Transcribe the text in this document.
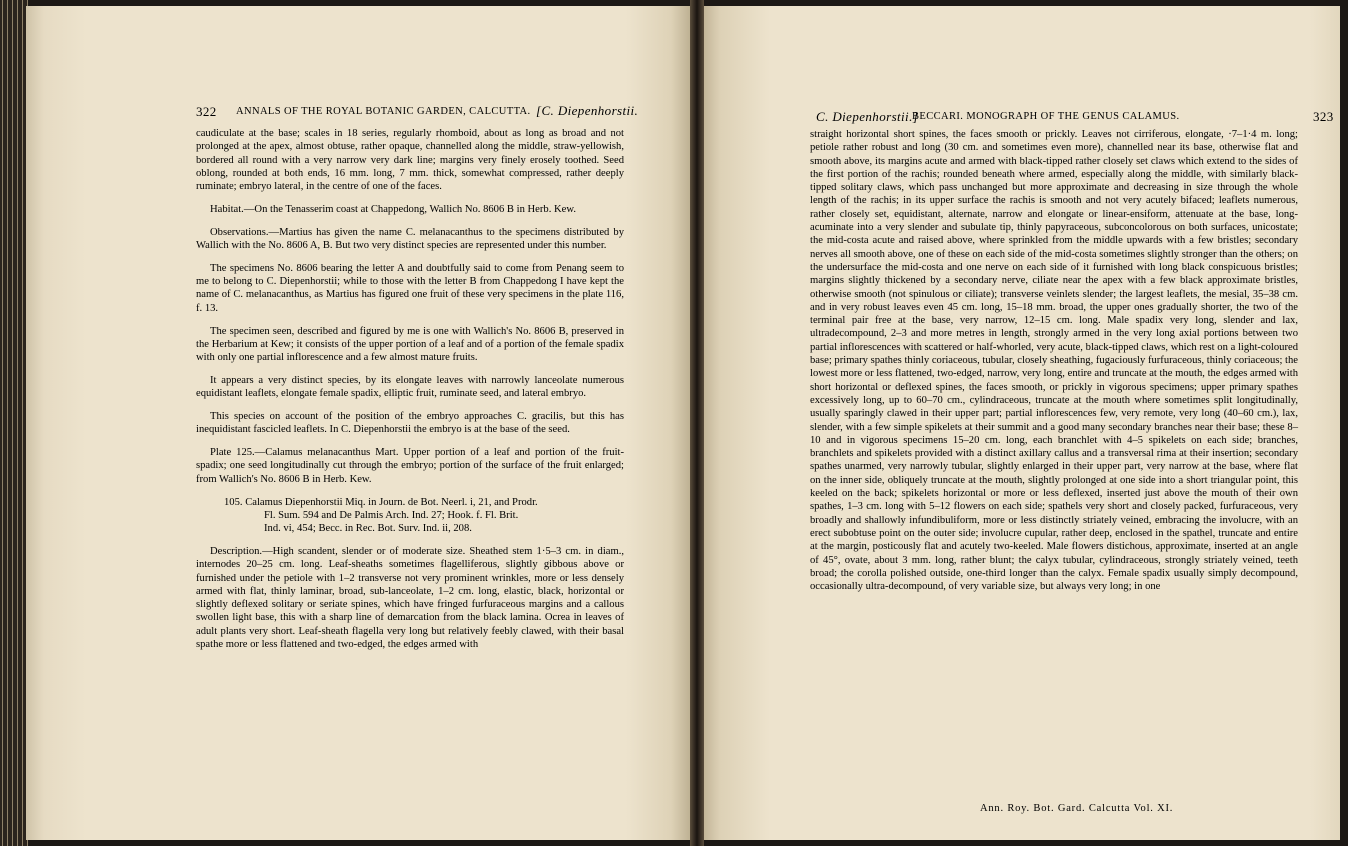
322 ANNALS OF THE ROYAL BOTANIC GARDEN, CALCUTTA. [C. Diepenhorstii.

caudiculate at the base; scales in 18 series, regularly rhomboid, about as long as broad and not prolonged at the apex, almost obtuse, rather opaque, channelled along the middle, straw-yellowish, bordered all round with a very narrow very dark line; margins very finely erosely toothed. Seed oblong, rounded at both ends, 16 mm. long, 7 mm. thick, somewhat compressed, rather deeply ruminate; embryo lateral, in the centre of one of the faces.

Habitat.—On the Tenasserim coast at Chappedong, Wallich No. 8606 B in Herb. Kew.

Observations.—Martius has given the name C. melanacanthus to the specimens distributed by Wallich with the No. 8606 A, B. But two very distinct species are represented under this number.

The specimens No. 8606 bearing the letter A and doubtfully said to come from Penang seem to me to belong to C. Diepenhorstii; while to those with the letter B from Chappedong I have kept the name of C. melanacanthus, as Martius has figured one fruit of these very specimens in the plate 116, f. 13.

The specimen seen, described and figured by me is one with Wallich's No. 8606 B, preserved in the Herbarium at Kew; it consists of the upper portion of a leaf and of a portion of the female spadix with only one partial inflorescence and a few almost mature fruits.

It appears a very distinct species, by its elongate leaves with narrowly lanceolate numerous equidistant leaflets, elongate female spadix, elliptic fruit, ruminate seed, and lateral embryo.

This species on account of the position of the embryo approaches C. gracilis, but this has inequidistant fascicled leaflets. In C. Diepenhorstii the embryo is at the base of the seed.

Plate 125.—Calamus melanacanthus Mart. Upper portion of a leaf and portion of the fruit-spadix; one seed longitudinally cut through the embryo; portion of the surface of the fruit enlarged; from Wallich's No. 8606 B in Herb. Kew.

105. Calamus Diepenhorstii Miq. in Journ. de Bot. Neerl. i, 21, and Prodr.
Fl. Sum. 594 and De Palmis Arch. Ind. 27; Hook. f. Fl. Brit.
Ind. vi, 454; Becc. in Rec. Bot. Surv. Ind. ii, 208.

Description.—High scandent, slender or of moderate size. Sheathed stem 1·5–3 cm. in diam., internodes 20–25 cm. long. Leaf-sheaths sometimes flagelliferous, slightly gibbous above or furnished under the petiole with 1–2 transverse not very prominent wrinkles, more or less densely armed with flat, thinly laminar, broad, sub-lanceolate, 1–2 cm. long, elastic, black, horizontal or slightly deflexed solitary or seriate spines, which have fringed furfuraceous margins and a callous swollen light base, this with a sharp line of demarcation from the black lamina. Ocrea in leaves of adult plants very short. Leaf-sheath flagella very long but relatively feebly clawed, with their basal spathe more or less flattened and two-edged, the edges armed with

C. Diepenhorstii.]
BECCARI. MONOGRAPH OF THE GENUS CALAMUS.	323

straight horizontal short spines, the faces smooth or prickly. Leaves not cirriferous, elongate, ·7–1·4 m. long; petiole rather robust and long (30 cm. and sometimes even more), channelled near its base, otherwise flat and smooth above, its margins acute and armed with black-tipped rather closely set claws which extend to the sides of the first portion of the rachis; rounded beneath where armed, especially along the middle, with similarly black-tipped solitary claws, which pass unchanged but more approximate and decreasing in size through the whole length of the rachis; in its upper surface the rachis is smooth and not very acutely bifaced; leaflets numerous, rather closely set, equidistant, alternate, narrow and elongate or linear-ensiform, attenuate at the base, long-acuminate into a very slender and subulate tip, thinly papyraceous, subconcolorous on both surfaces, unicostate; the mid-costa acute and raised above, where sprinkled from the middle upwards with a few bristles; secondary nerves all smooth above, one of these on each side of the mid-costa sometimes slightly stronger than the others; on the undersurface the mid-costa and one nerve on each side of it furnished with long black conspicuous bristles; margins slightly thickened by a secondary nerve, ciliate near the apex with a few black approximate bristles, otherwise smooth (not spinulous or ciliate); transverse veinlets slender; the largest leaflets, the mesial, 35–38 cm. and in very robust leaves even 45 cm. long, 15–18 mm. broad, the upper ones gradually shorter, the two of the terminal pair free at the base, very narrow, 12–15 cm. long. Male spadix very long, slender and lax, ultradecompound, 2–3 and more metres in length, strongly armed in the very long axial portions between two partial inflorescences with scattered or half-whorled, very acute, black-tipped claws, which rest on a light-coloured base; primary spathes thinly coriaceous, tubular, closely sheathing, fugaciously furfuraceous, thinly coriaceous; the lowest more or less flattened, two-edged, narrow, very long, entire and truncate at the mouth, the edges armed with short horizontal or deflexed spines, the faces smooth, or prickly in vigorous specimens; upper primary spathes excessively long, up to 60–70 cm., cylindraceous, truncate at the mouth where sometimes split longitudinally, usually sparingly clawed in their upper part; partial inflorescences few, very remote, very long (40–60 cm.), lax, slender, with a few simple spikelets at their summit and a good many secondary branches near their base; these 8–10 and in vigorous specimens 15–20 cm. long, each branchlet with 4–5 spikelets on each side; branches, branchlets and spikelets provided with a distinct axillary callus and a transversal rima at their insertion; secondary spathes unarmed, very narrowly tubular, slightly enlarged in their upper part, very narrow at the base, where flat on the inner side, obliquely truncate at the mouth, slightly prolonged at one side into a short triangular point, this keeled on the back; spikelets horizontal or more or less deflexed, inserted just above the mouth of their own spathes, 1–3 cm. long with 5–12 flowers on each side; spathels very short and closely packed, furfuraceous, very broadly and shallowly infundibuliform, more or less distinctly striately veined, embracing the involucre, with an erect subobtuse point on the outer side; involucre cupular, rather deep, enclosed in the spathel, truncate and entire at the margin, posticously flat and acutely two-keeled. Male flowers distichous, approximate, inserted at an angle of 45°, ovate, about 3 mm. long, rather blunt; the calyx tubular, cylindraceous, strongly striately veined, teeth broad; the corolla polished outside, one-third longer than the calyx. Female spadix usually simply decompound, occasionally ultra-decompound, of very variable size, but always very long; in one

Ann. Roy. Bot. Gard. Calcutta Vol. XI.
